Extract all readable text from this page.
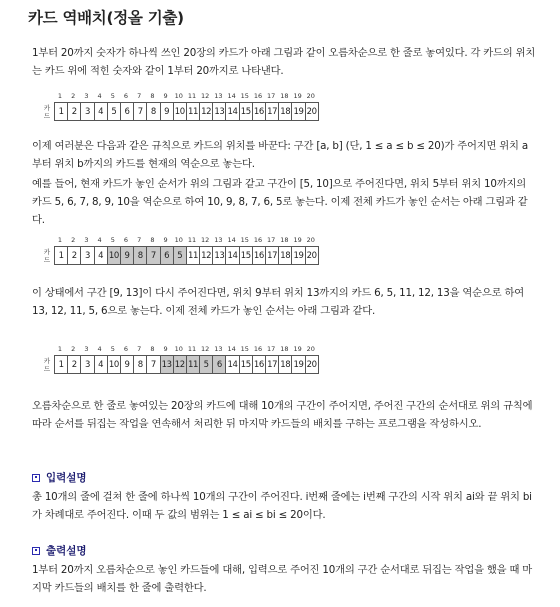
카드 역배치(정올 기출)
1부터 20까지 숫자가 하나씩 쓰인 20장의 카드가 아래 그림과 같이 오름차순으로 한 줄로 놓여있다. 각 카드의 위치는 카드 위에 적힌 숫자와 같이 1부터 20까지로 나타낸다.
1	2	3	4	5	6	7	8	9	10 11 12 13 14 15 16 17 18 19 20
카
드 1 2 3 4 5 6 7 8 9 10 11 12 13 14 15 16 17 18 19 20
이제 여러분은 다음과 같은 규칙으로 카드의 위치를 바꾼다: 구간 [a, b] (단, 1 ≤ a ≤ b ≤ 20)가 주어지면 위치 a부터 위치 b까지의 카드를 현재의 역순으로 놓는다.
예를 들어, 현재 카드가 놓인 순서가 위의 그림과 같고 구간이 [5, 10]으로 주어진다면, 위치 5부터 위치 10까지의 카드 5, 6, 7, 8, 9, 10을 역순으로 하여 10, 9, 8, 7, 6, 5로 놓는다. 이제 전체 카드가 놓인 순서는 아래 그림과 같다.
1	2	3	4	5	6	7	8	9	10 11 12 13 14 15 16 17 18 19 20
카
드 1 2 3 4 10 9 8 7 6 5 11 12 13 14 15 16 17 18 19 20
이 상태에서 구간 [9, 13]이 다시 주어진다면, 위치 9부터 위치 13까지의 카드 6, 5, 11, 12, 13을 역순으로 하여 13, 12, 11, 5, 6으로 놓는다. 이제 전체 카드가 놓인 순서는 아래 그림과 같다.
1	2	3	4	5	6	7	8	9	10 11 12 13 14 15 16 17 18 19 20
카
드 1 2 3 4 10 9 8 7 13 12 11 5 6 14 15 16 17 18 19 20
오름차순으로 한 줄로 놓여있는 20장의 카드에 대해 10개의 구간이 주어지면, 주어진 구간의 순서대로 위의 규칙에 따라 순서를 뒤집는 작업을 연속해서 처리한 뒤 마지막 카드들의 배치를 구하는 프로그램을 작성하시오.
입력설명
총 10개의 줄에 걸쳐 한 줄에 하나씩 10개의 구간이 주어진다. i번째 줄에는 i번째 구간의 시작 위치 ai와 끝 위치 bi가 차례대로 주어진다. 이때 두 값의 범위는 1 ≤ ai ≤ bi ≤ 20이다.
출력설명
1부터 20까지 오름차순으로 놓인 카드들에 대해, 입력으로 주어진 10개의 구간 순서대로 뒤집는 작업을 했을 때 마지막 카드들의 배치를 한 줄에 출력한다.
